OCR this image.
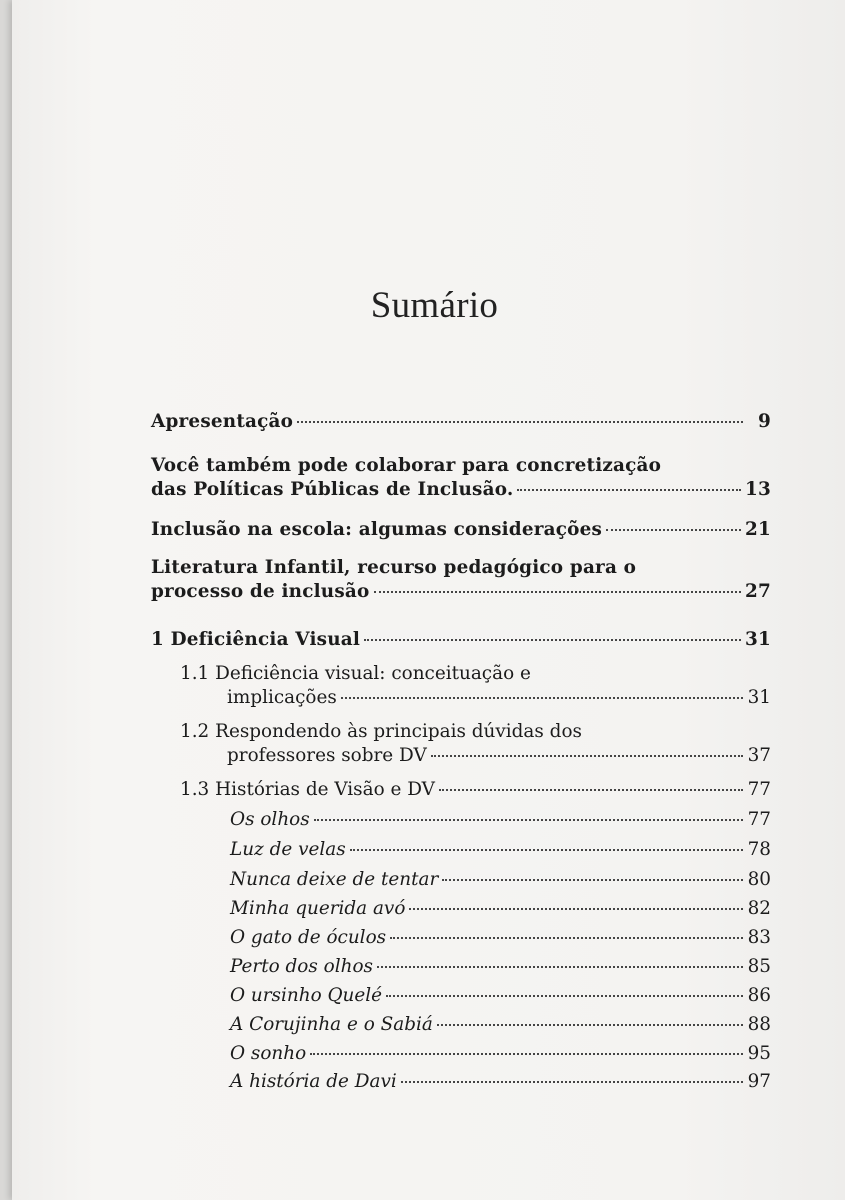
Sumário
Apresentação	9
Você também pode colaborar para concretização
das Políticas Públicas de Inclusão.	13
Inclusão na escola: algumas considerações	21
Literatura Infantil, recurso pedagógico para o
processo de inclusão	27
1 Deficiência Visual	31
1.1 Deficiência visual: conceituação e
implicações	31
1.2 Respondendo às principais dúvidas dos
professores sobre DV	37
1.3 Histórias de Visão e DV	77
Os olhos	77
Luz de velas	78
Nunca deixe de tentar	80
Minha querida avó	82
O gato de óculos	83
Perto dos olhos	85
O ursinho Quelé	86
A Corujinha e o Sabiá	88
O sonho	95
A história de Davi	97
